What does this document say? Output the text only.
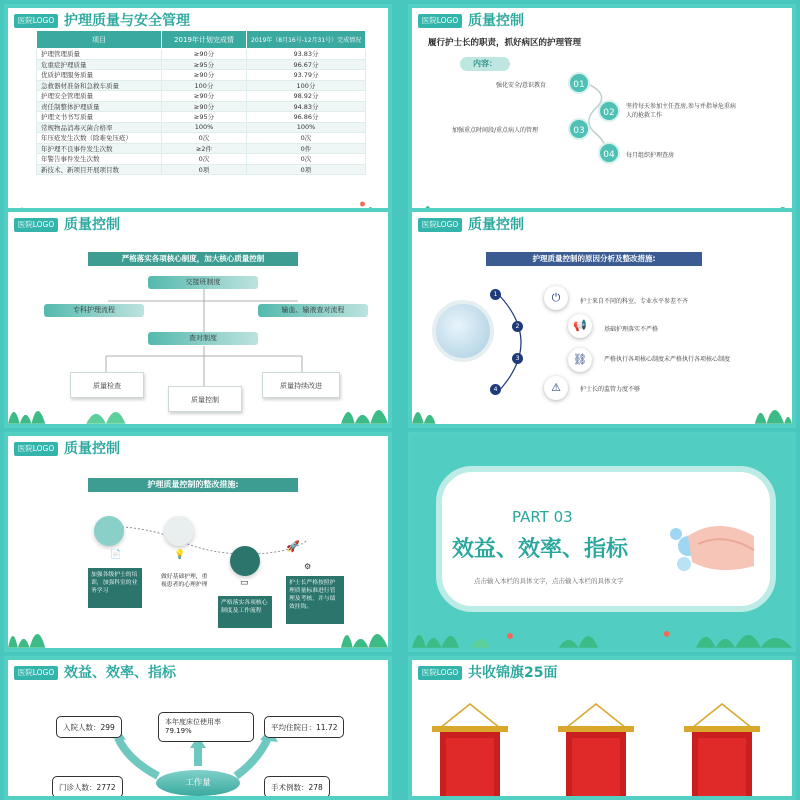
医院LOGO 护理质量与安全管理
项目	2019年计划完成情	2019年（8月16号-12月31号）完成情况
护理管理质量	≥90分	93.83分
危重症护理质量	≥95分	96.67分
优质护理服务质量	≥90分	93.79分
急救器材准备和急救车质量	100分	100分
护理安全管理质量	≥90分	98.92分
责任制整体护理质量	≥90分	94.83分
护理文书书写质量	≥95分	96.86分
常规物品消毒灭菌合格率	100%	100%
年压疮发生次数（除难免压疮）	0次	0次
年护理不良事件发生次数	≥2件	0件
年警告事件发生次数	0次	0次
新技术、新项目开展项目数	0项	0项
医院LOGO 质量控制
履行护士长的职责，抓好病区的护理管理
内容：
01
强化安全/意识教育
02
坚持每天参加主任查房,参与并指导危重病人的抢救工作
03
加强重点时间段/重点病人的管理
04	每月组织护理查房
医院LOGO 质量控制
严格落实各项核心制度，加大核心质量控制
交接班制度
专科护理流程	输血、输液查对流程
查对制度
质量检查
质量控制
质量持续改进
医院LOGO 质量控制
护理质量控制的原因分析及整改措施:
1
2
3
4
⏻
📢
⛓
⚠
护士来自不同的科室，专业水平参差不齐
基础护理落实不严格
严格执行各项核心制度未严格执行各项核心制度
护士长的监管力度不够
医院LOGO 质量控制
护理质量控制的整改措施:
📄	💡
▭
🚀
⚙
加强各级护士的培训，加强科室的业务学习
做好基础护理，重视患者的心理护理
严格落实各项核心制度及工作流程
护士长严格按照护理质量标准进行管理及考核，并与绩效挂钩。
PART 03
效益、效率、指标
点击输入本栏的具体文字，点击输入本栏的具体文字
医院LOGO 效益、效率、指标
入院人数：299
本年度床位使用率79.19%	平均住院日：11.72
门诊人数：2772	手术例数：278
工作量
医院LOGO 共收锦旗25面
